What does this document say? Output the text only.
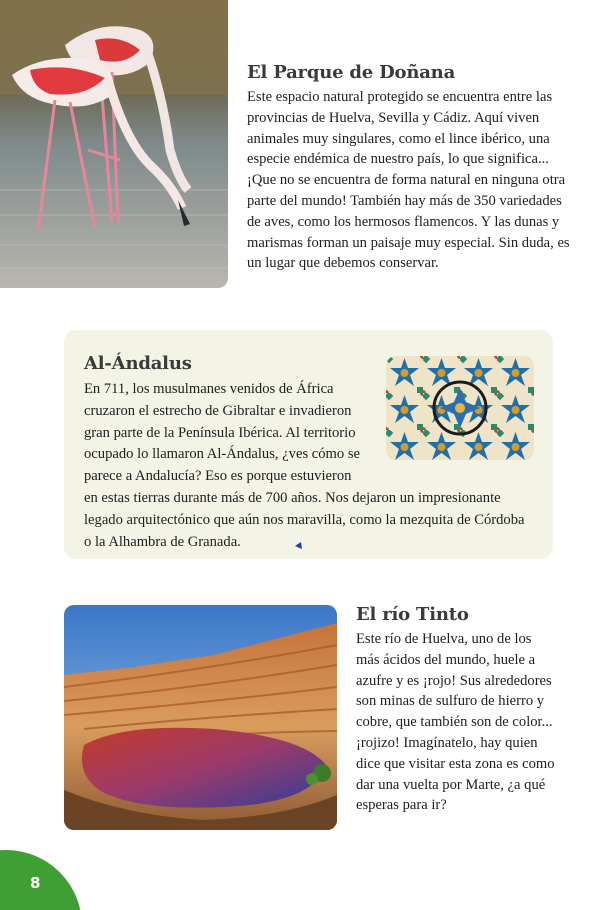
El Parque de Doñana

Este espacio natural protegido se encuentra entre las provincias de Huelva, Sevilla y Cádiz. Aquí viven animales muy singulares, como el lince ibérico, una especie endémica de nuestro país, lo que significa... ¡Que no se encuentra de forma natural en ninguna otra parte del mundo! También hay más de 350 variedades de aves, como los hermosos flamencos. Y las dunas y marismas forman un paisaje muy especial. Sin duda, es un lugar que debemos conservar.

Al-Ándalus
En 711, los musulmanes venidos de África cruzaron el estrecho de Gibraltar e invadieron gran parte de la Península Ibérica. Al territorio ocupado lo llamaron Al-Ándalus, ¿ves cómo se parece a Andalucía? Eso es porque estuvieron en estas tierras durante más de 700 años. Nos dejaron un impresionante legado arquitectónico que aún nos maravilla, como la mezquita de Córdoba o la Alhambra de Granada.
El río Tinto

Este río de Huelva, uno de los más ácidos del mundo, huele a azufre y es ¡rojo! Sus alrededores son minas de sulfuro de hierro y cobre, que también son de color... ¡rojizo! Imagínatelo, hay quien dice que visitar esta zona es como dar una vuelta por Marte, ¿a qué esperas para ir?

8
